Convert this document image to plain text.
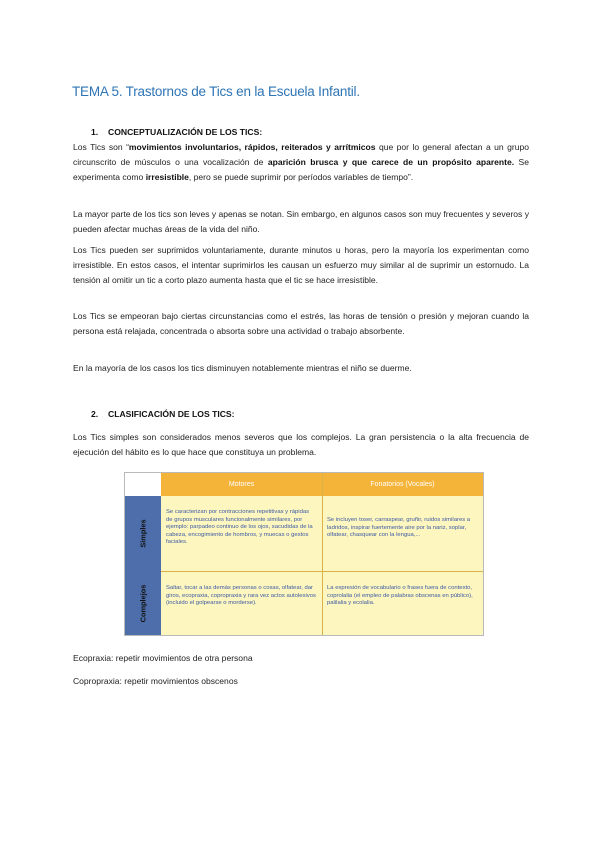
TEMA 5. Trastornos de Tics en la Escuela Infantil.
1. CONCEPTUALIZACIÓN DE LOS TICS:
Los Tics son “movimientos involuntarios, rápidos, reiterados y arrítmicos que por lo general afectan a un grupo circunscrito de músculos o una vocalización de aparición brusca y que carece de un propósito aparente. Se experimenta como irresistible, pero se puede suprimir por períodos variables de tiempo”.
La mayor parte de los tics son leves y apenas se notan. Sin embargo, en algunos casos son muy frecuentes y severos y pueden afectar muchas áreas de la vida del niño.
Los Tics pueden ser suprimidos voluntariamente, durante minutos u horas, pero la mayoría los experimentan como irresistible. En estos casos, el intentar suprimirlos les causan un esfuerzo muy similar al de suprimir un estornudo. La tensión al omitir un tic a corto plazo aumenta hasta que el tic se hace irresistible.
Los Tics se empeoran bajo ciertas circunstancias como el estrés, las horas de tensión o presión y mejoran cuando la persona está relajada, concentrada o absorta sobre una actividad o trabajo absorbente.
En la mayoría de los casos los tics disminuyen notablemente mientras el niño se duerme.
2. CLASIFICACIÓN DE LOS TICS:
Los Tics simples son considerados menos severos que los complejos. La gran persistencia o la alta frecuencia de ejecución del hábito es lo que hace que constituya un problema.
Motores	Fonatorios (Vocales)
Simples
Complejos
Se caracterizan por contracciones repetitivas y rápidas de grupos musculares funcionalmente similares, por ejemplo: parpadeo continuo de los ojos, sacudidas de la cabeza, encogimiento de hombros, y muecas o gestos faciales.
Se incluyen toser, carraspear, gruñir, ruidos similares a ladridos, inspirar fuertemente aire por la nariz, soplar, olfatear, chasquear con la lengua,...
Saltar, tocar a las demás personas o cosas, olfatear, dar giros, ecopraxia, copropraxia y rara vez actos autolesivos (incluido el golpearse o morderse).
La expresión de vocabulario o frases fuera de contexto, coprolalia (el empleo de palabras obscenas en público), palilalia y ecolalia.
Ecopraxia: repetir movimientos de otra persona
Copropraxia: repetir movimientos obscenos
